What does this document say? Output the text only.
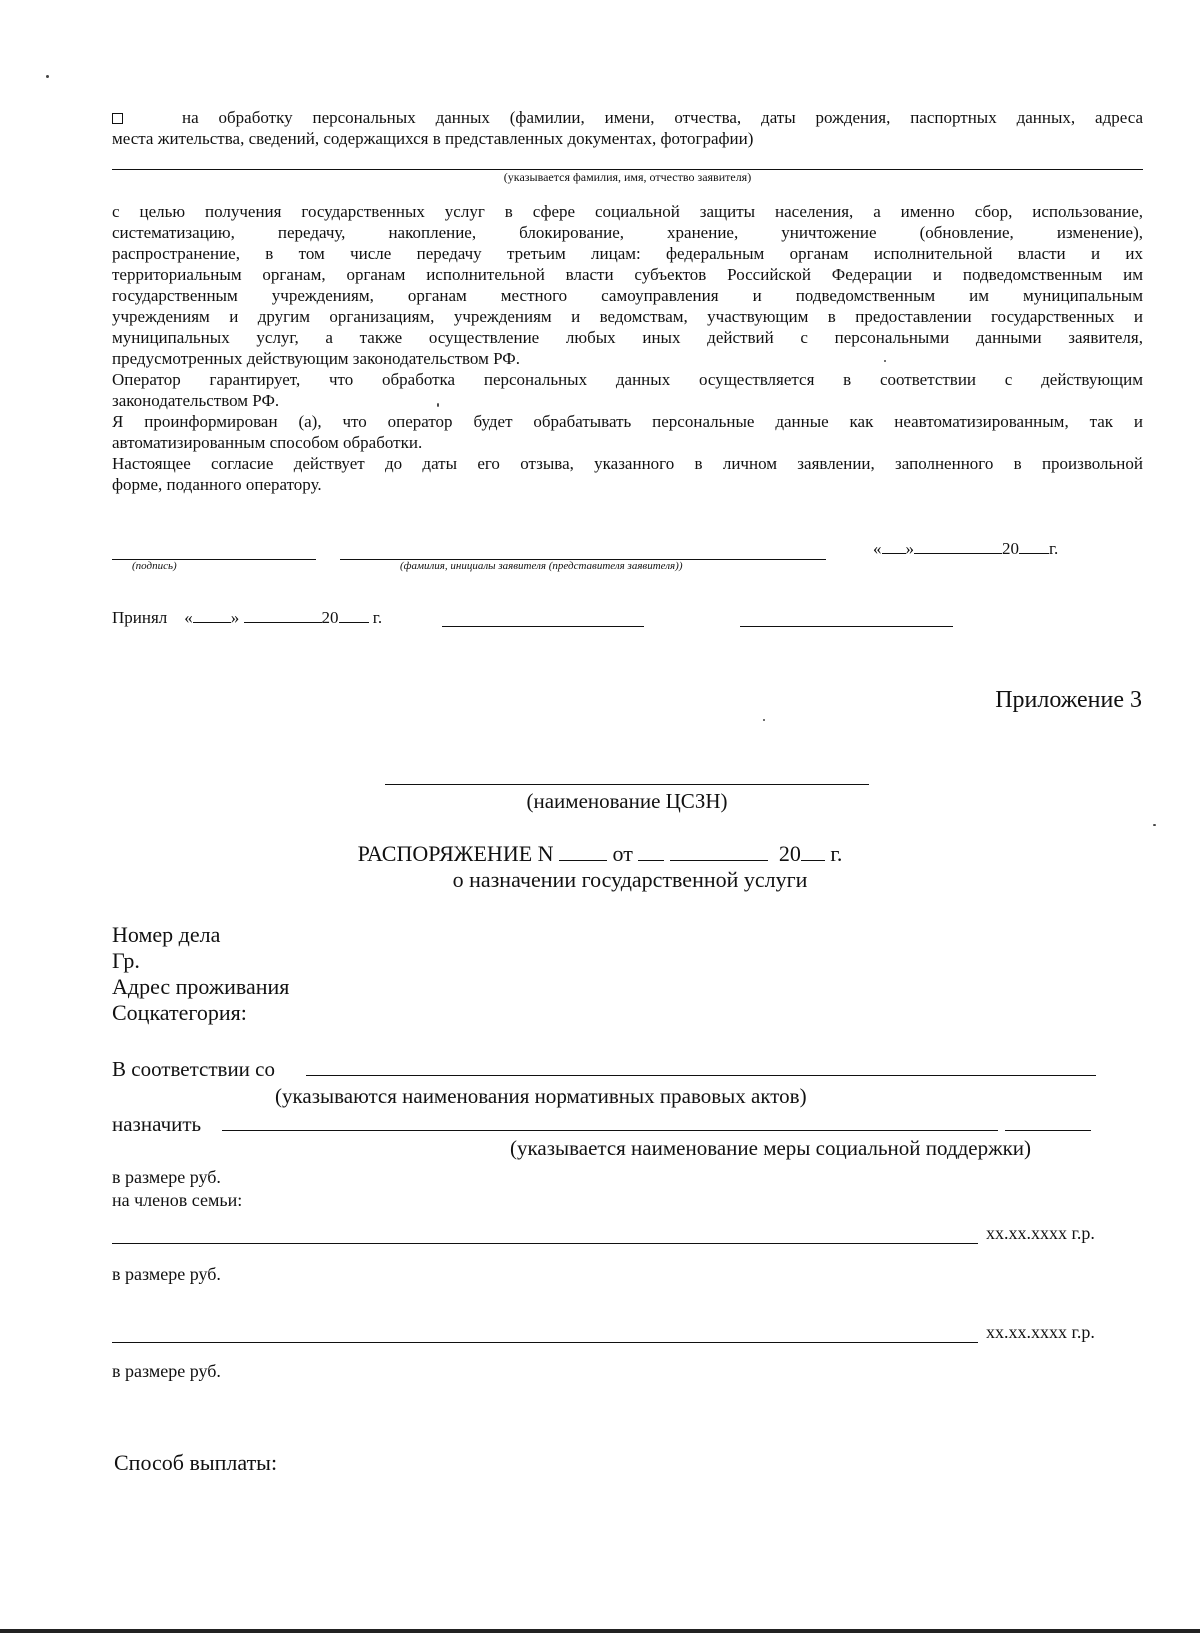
на обработку персональных данных (фамилии, имени, отчества, даты рождения, паспортных данных, адреса
места жительства, сведений, содержащихся в представленных документах, фотографии)
(указывается фамилия, имя, отчество заявителя)
с целью получения государственных услуг в сфере социальной защиты населения, а именно сбор, использование,
систематизацию, передачу, накопление, блокирование, хранение, уничтожение (обновление, изменение),
распространение, в том числе передачу третьим лицам: федеральным органам исполнительной власти и их
территориальным органам, органам исполнительной власти субъектов Российской Федерации и подведомственным им
государственным учреждениям, органам местного самоуправления и подведомственным им муниципальным
учреждениям и другим организациям, учреждениям и ведомствам, участвующим в предоставлении государственных и
муниципальных услуг, а также осуществление любых иных действий с персональными данными заявителя,
предусмотренных действующим законодательством РФ.
Оператор гарантирует, что обработка персональных данных осуществляется в соответствии с действующим
законодательством РФ.
Я проинформирован (а), что оператор будет обрабатывать персональные данные как неавтоматизированным, так и
автоматизированным способом обработки.
Настоящее согласие действует до даты его отзыва, указанного в личном заявлении, заполненного в произвольной
форме, поданного оператору.
(подпись)	(фамилия, инициалы заявителя (представителя заявителя))
« »	20 г.
Принял « »	20 г.
Приложение 3
(наименование ЦСЗН)
РАСПОРЯЖЕНИЕ N	от	20 г.
о назначении государственной услуги
Номер дела
Гр.
Адрес проживания
Соцкатегория:
В соответствии со
(указываются наименования нормативных правовых актов)
назначить
(указывается наименование меры социальной поддержки)
в размере руб.
на членов семьи:
хх.хх.хххх г.р.
в размере руб.
хх.хх.хххх г.р.
в размере руб.
Способ выплаты:
